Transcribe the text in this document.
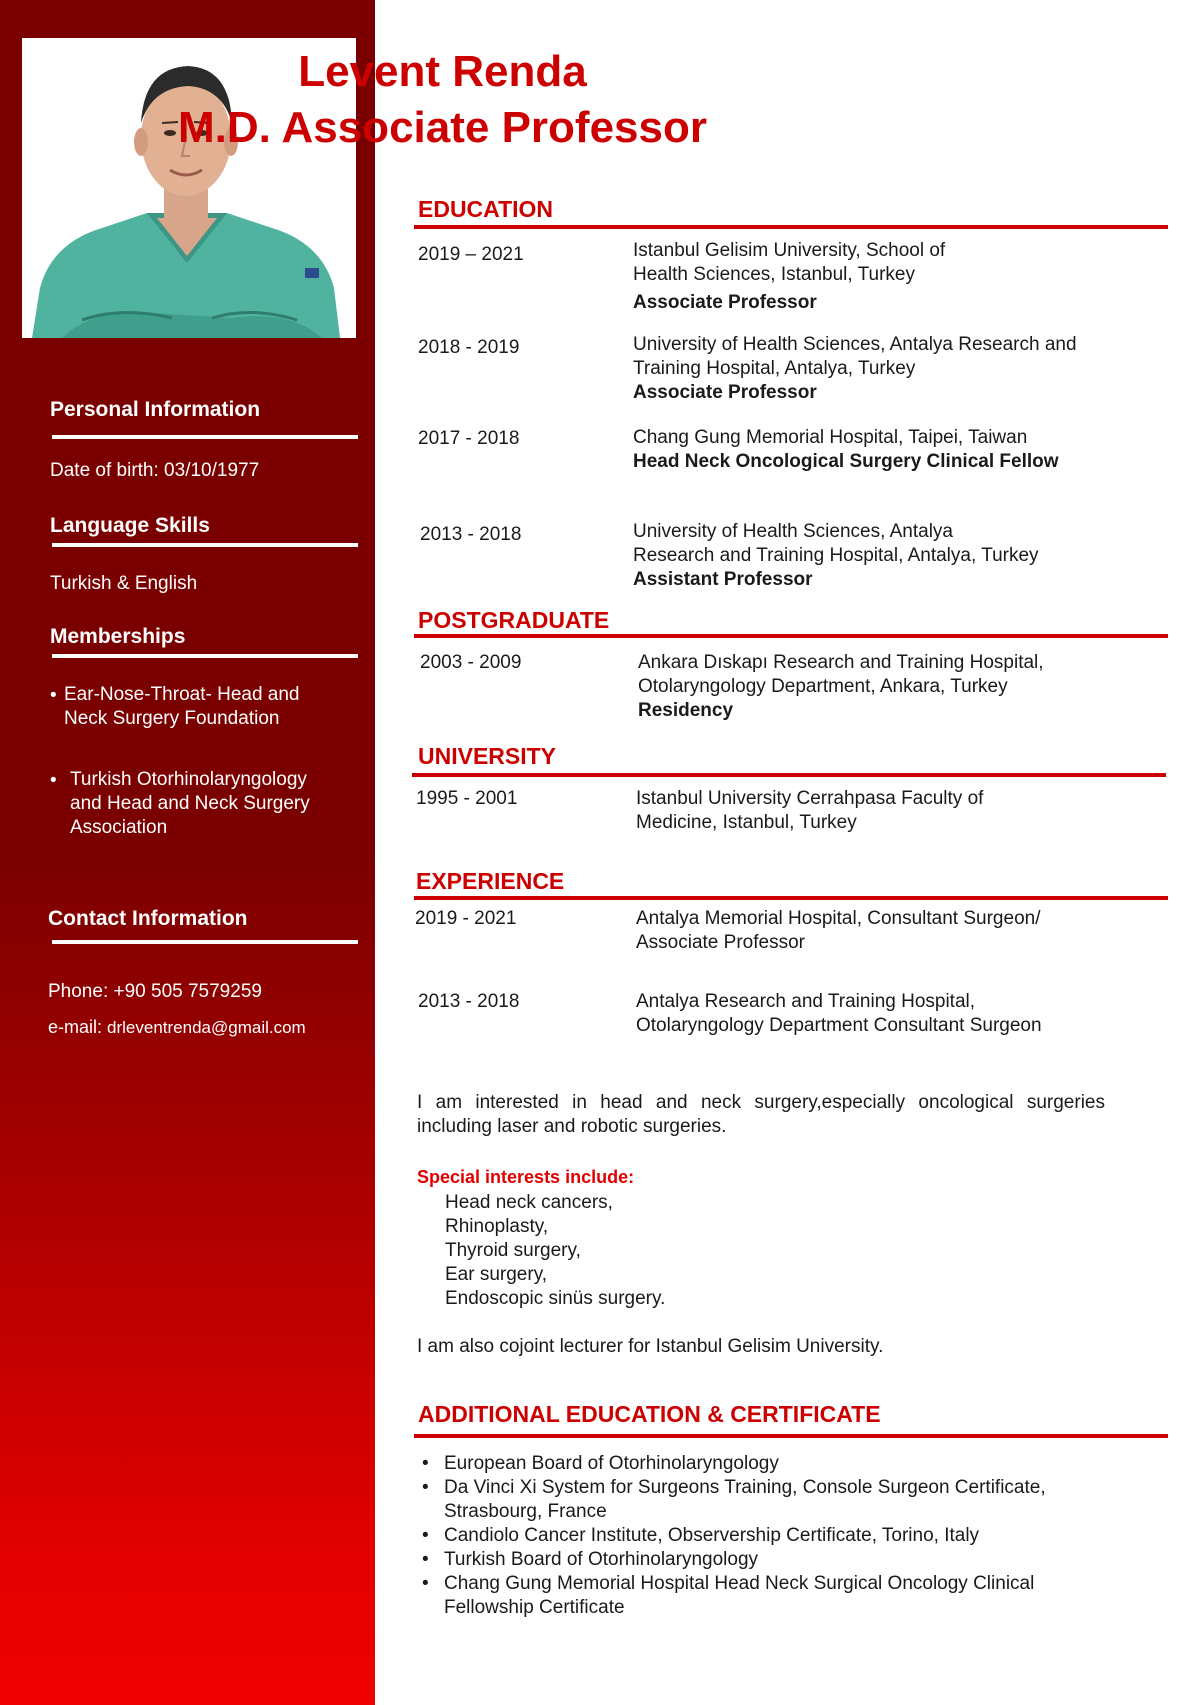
Personal Information
Date of birth: 03/10/1977
Language Skills
Turkish & English
Memberships
• Ear-Nose-Throat- Head and Neck Surgery Foundation
• Turkish Otorhinolaryngology and Head and Neck Surgery Association
Contact Information
Phone: +90 505 7579259
e-mail: drleventrenda@gmail.com
Levent Renda
M.D. Associate Professor
EDUCATION
2019 – 2021	Istanbul Gelisim University, School of
Health Sciences, Istanbul, Turkey
Associate Professor
2018 - 2019	University of Health Sciences, Antalya Research and
Training Hospital, Antalya, Turkey
Associate Professor
2017 - 2018	Chang Gung Memorial Hospital, Taipei, Taiwan
Head Neck Oncological Surgery Clinical Fellow
2013 - 2018	University of Health Sciences, Antalya
Research and Training Hospital, Antalya, Turkey
Assistant Professor
POSTGRADUATE
2003 - 2009	Ankara Dıskapı Research and Training Hospital,
Otolaryngology Department, Ankara, Turkey
Residency
UNIVERSITY
1995 - 2001	Istanbul University Cerrahpasa Faculty of
Medicine, Istanbul, Turkey
EXPERIENCE
2019 - 2021	Antalya Memorial Hospital, Consultant Surgeon/
Associate Professor
2013 - 2018	Antalya Research and Training Hospital,
Otolaryngology Department Consultant Surgeon
I am interested in head and neck surgery,especially oncological surgeries including laser and robotic surgeries.
Special interests include:
Head neck cancers,
Rhinoplasty,
Thyroid surgery,
Ear surgery,
Endoscopic sinüs surgery.
I am also cojoint lecturer for Istanbul Gelisim University.
ADDITIONAL EDUCATION & CERTIFICATE
• European Board of Otorhinolaryngology
• Da Vinci Xi System for Surgeons Training, Console Surgeon Certificate, Strasbourg, France
• Candiolo Cancer Institute, Observership Certificate, Torino, Italy
• Turkish Board of Otorhinolaryngology
• Chang Gung Memorial Hospital Head Neck Surgical Oncology Clinical Fellowship Certificate
